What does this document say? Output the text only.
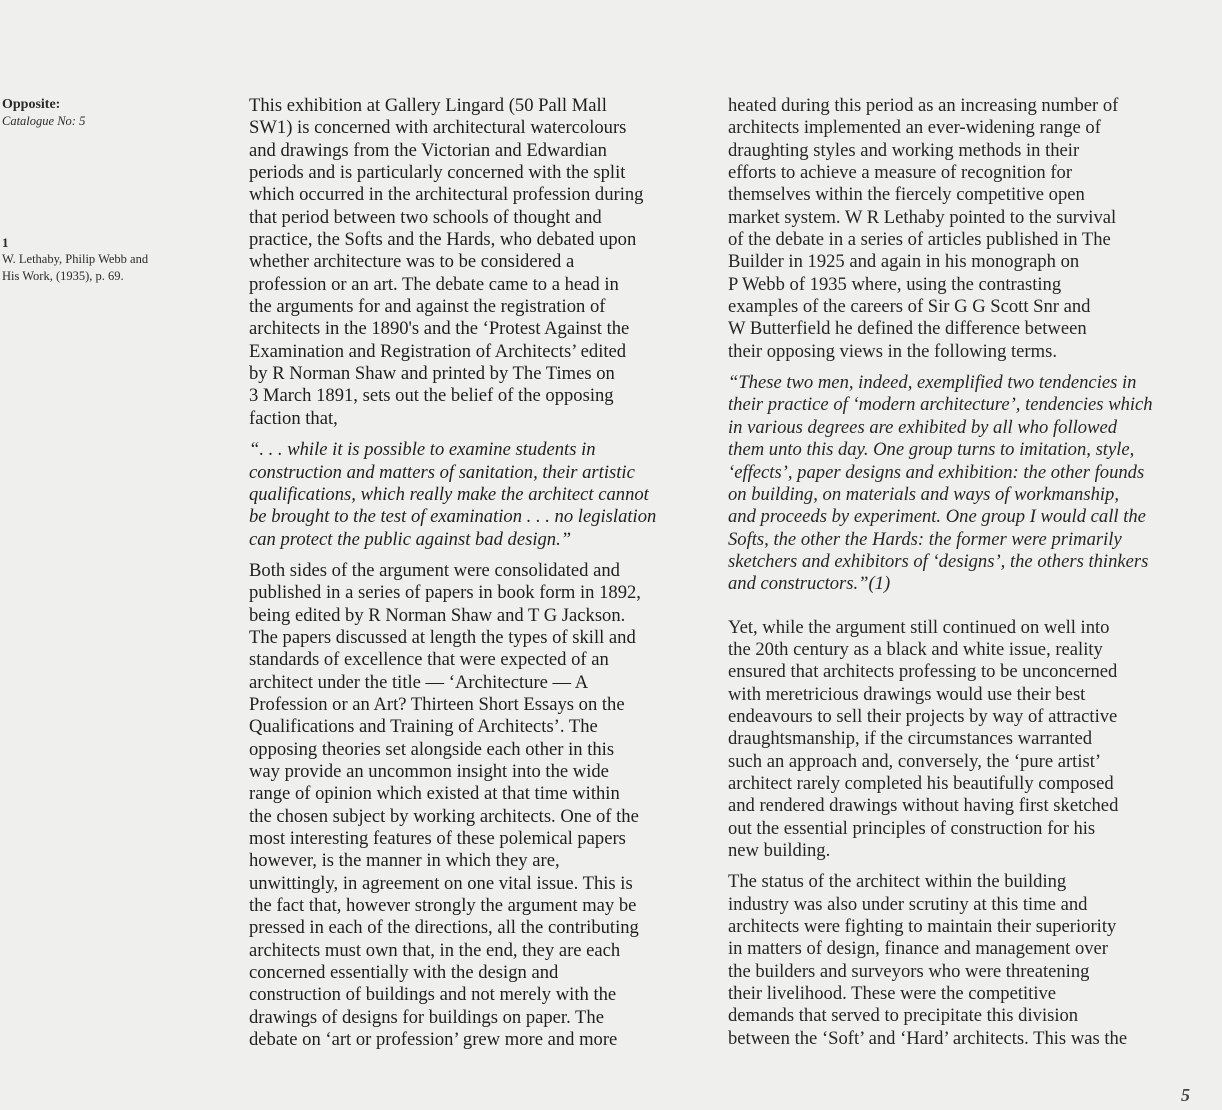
Opposite:
Catalogue No: 5
1
W. Lethaby, Philip Webb and
His Work, (1935), p. 69.

This exhibition at Gallery Lingard (50 Pall Mall
SW1) is concerned with architectural watercolours
and drawings from the Victorian and Edwardian
periods and is particularly concerned with the split
which occurred in the architectural profession during
that period between two schools of thought and
practice, the Softs and the Hards, who debated upon
whether architecture was to be considered a
profession or an art. The debate came to a head in
the arguments for and against the registration of
architects in the 1890's and the ‘Protest Against the
Examination and Registration of Architects’ edited
by R Norman Shaw and printed by The Times on
3 March 1891, sets out the belief of the opposing
faction that,

“. . . while it is possible to examine students in
construction and matters of sanitation, their artistic
qualifications, which really make the architect cannot
be brought to the test of examination . . . no legislation
can protect the public against bad design.”

Both sides of the argument were consolidated and
published in a series of papers in book form in 1892,
being edited by R Norman Shaw and T G Jackson.
The papers discussed at length the types of skill and
standards of excellence that were expected of an
architect under the title — ‘Architecture — A
Profession or an Art? Thirteen Short Essays on the
Qualifications and Training of Architects’. The
opposing theories set alongside each other in this
way provide an uncommon insight into the wide
range of opinion which existed at that time within
the chosen subject by working architects. One of the
most interesting features of these polemical papers
however, is the manner in which they are,
unwittingly, in agreement on one vital issue. This is
the fact that, however strongly the argument may be
pressed in each of the directions, all the contributing
architects must own that, in the end, they are each
concerned essentially with the design and
construction of buildings and not merely with the
drawings of designs for buildings on paper. The
debate on ‘art or profession’ grew more and more

heated during this period as an increasing number of
architects implemented an ever-widening range of
draughting styles and working methods in their
efforts to achieve a measure of recognition for
themselves within the fiercely competitive open
market system. W R Lethaby pointed to the survival
of the debate in a series of articles published in The
Builder in 1925 and again in his monograph on
P Webb of 1935 where, using the contrasting
examples of the careers of Sir G G Scott Snr and
W Butterfield he defined the difference between
their opposing views in the following terms.

“These two men, indeed, exemplified two tendencies in
their practice of ‘modern architecture’, tendencies which
in various degrees are exhibited by all who followed
them unto this day. One group turns to imitation, style,
‘effects’, paper designs and exhibition: the other founds
on building, on materials and ways of workmanship,
and proceeds by experiment. One group I would call the
Softs, the other the Hards: the former were primarily
sketchers and exhibitors of ‘designs’, the others thinkers
and constructors.”(1)

Yet, while the argument still continued on well into
the 20th century as a black and white issue, reality
ensured that architects professing to be unconcerned
with meretricious drawings would use their best
endeavours to sell their projects by way of attractive
draughtsmanship, if the circumstances warranted
such an approach and, conversely, the ‘pure artist’
architect rarely completed his beautifully composed
and rendered drawings without having first sketched
out the essential principles of construction for his
new building.

The status of the architect within the building
industry was also under scrutiny at this time and
architects were fighting to maintain their superiority
in matters of design, finance and management over
the builders and surveyors who were threatening
their livelihood. These were the competitive
demands that served to precipitate this division
between the ‘Soft’ and ‘Hard’ architects. This was the

5
